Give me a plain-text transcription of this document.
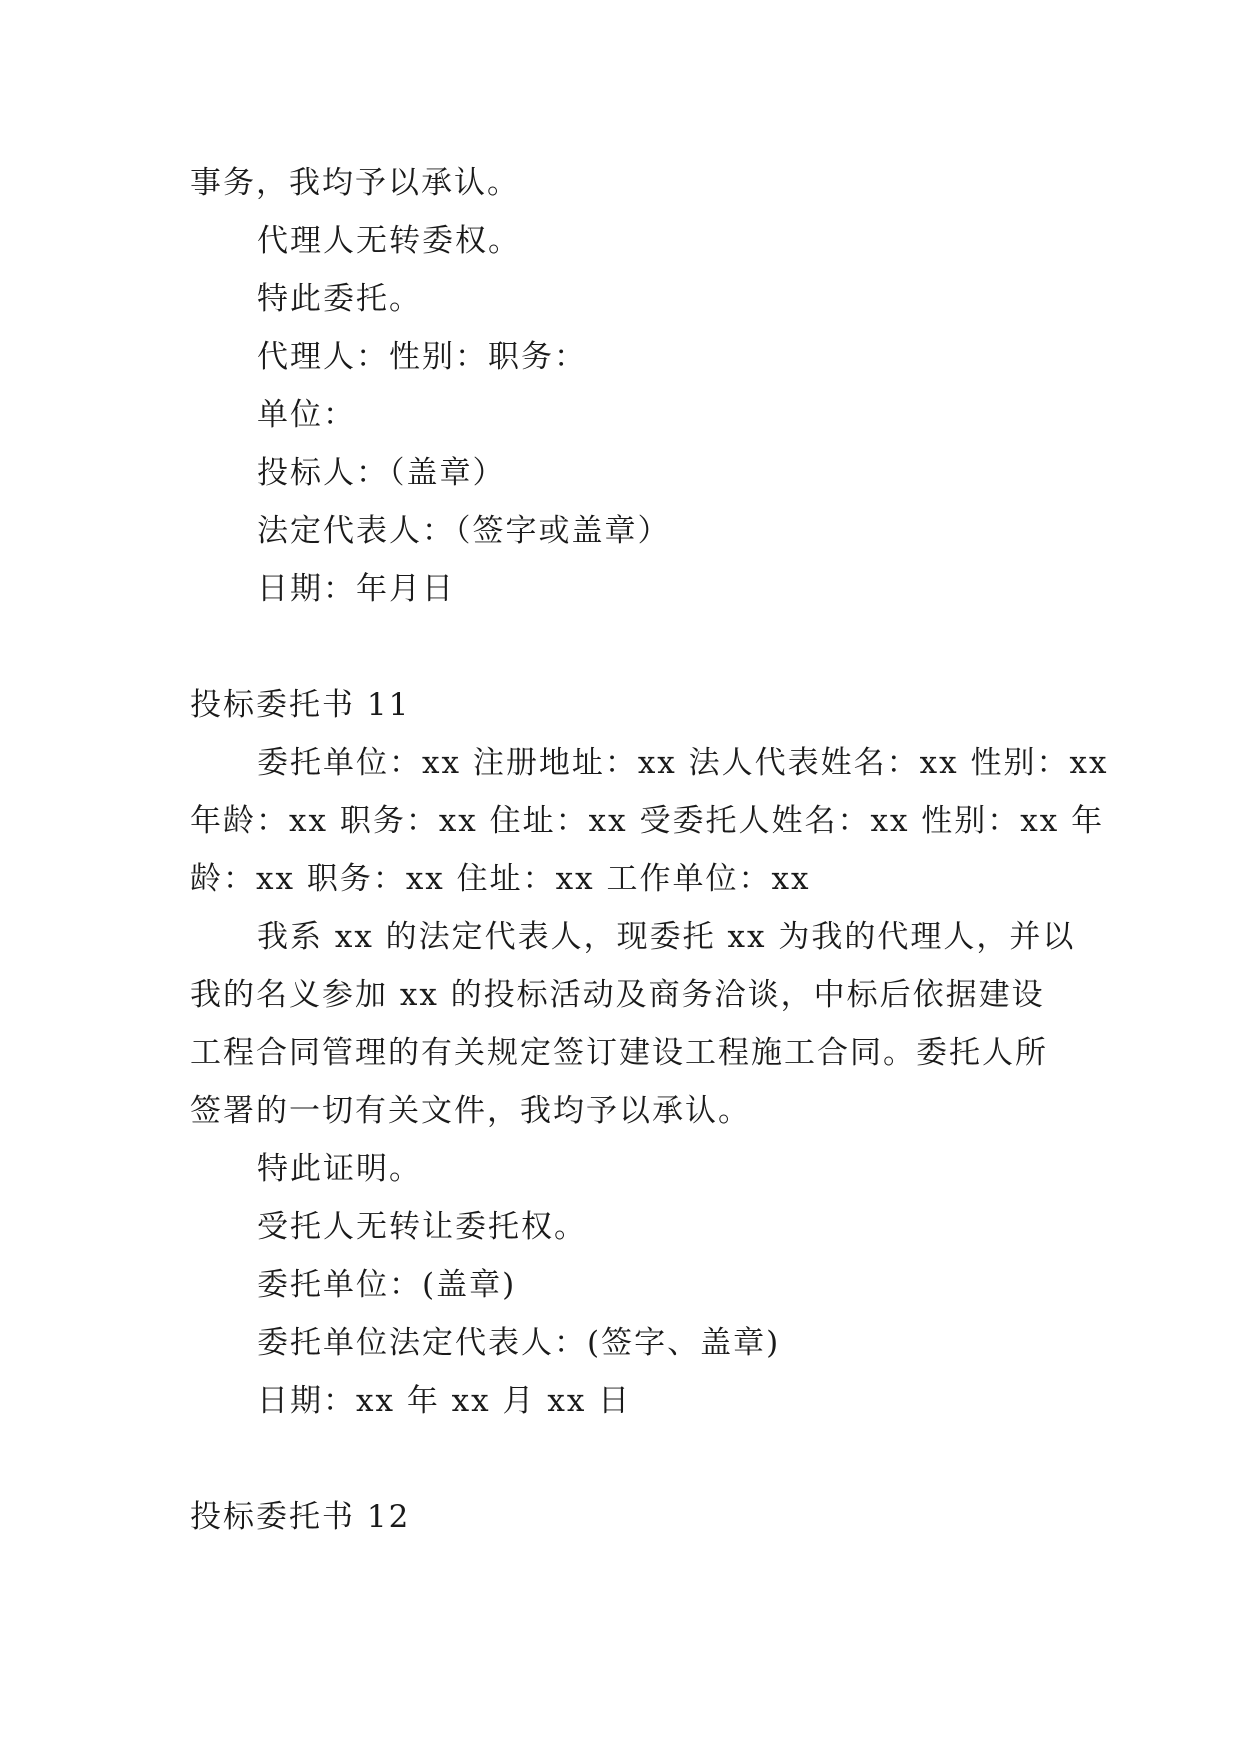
事务，我均予以承认。
代理人无转委权。
特此委托。
代理人：性别：职务：
单位：
投标人：（盖章）
法定代表人：（签字或盖章）
日期：年月日
投标委托书 11
委托单位：xx 注册地址：xx 法人代表姓名：xx 性别：xx
年龄：xx 职务：xx 住址：xx 受委托人姓名：xx 性别：xx 年
龄：xx 职务：xx 住址：xx 工作单位：xx
我系 xx 的法定代表人，现委托 xx 为我的代理人，并以
我的名义参加 xx 的投标活动及商务洽谈，中标后依据建设
工程合同管理的有关规定签订建设工程施工合同。委托人所
签署的一切有关文件，我均予以承认。
特此证明。
受托人无转让委托权。
委托单位：(盖章)
委托单位法定代表人：(签字、盖章)
日期：xx 年 xx 月 xx 日
投标委托书 12
